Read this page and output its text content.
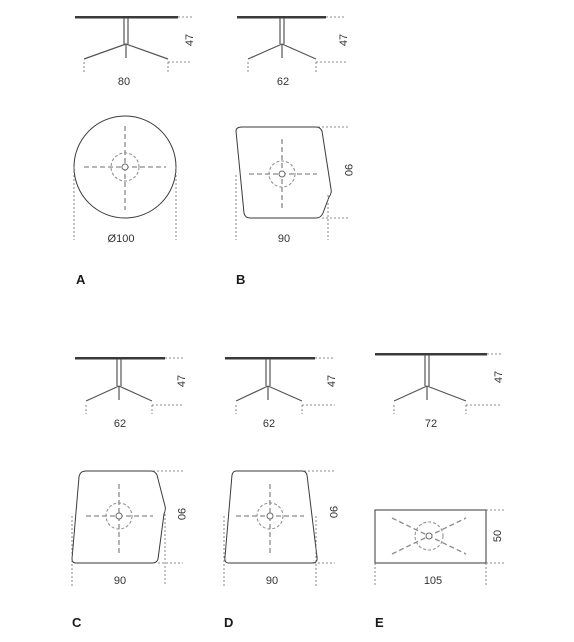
47
80
Ø100
A
47
62
90
90
B
47
62
90
90
C
47
62
90
90
D
47
72
50
105
E
